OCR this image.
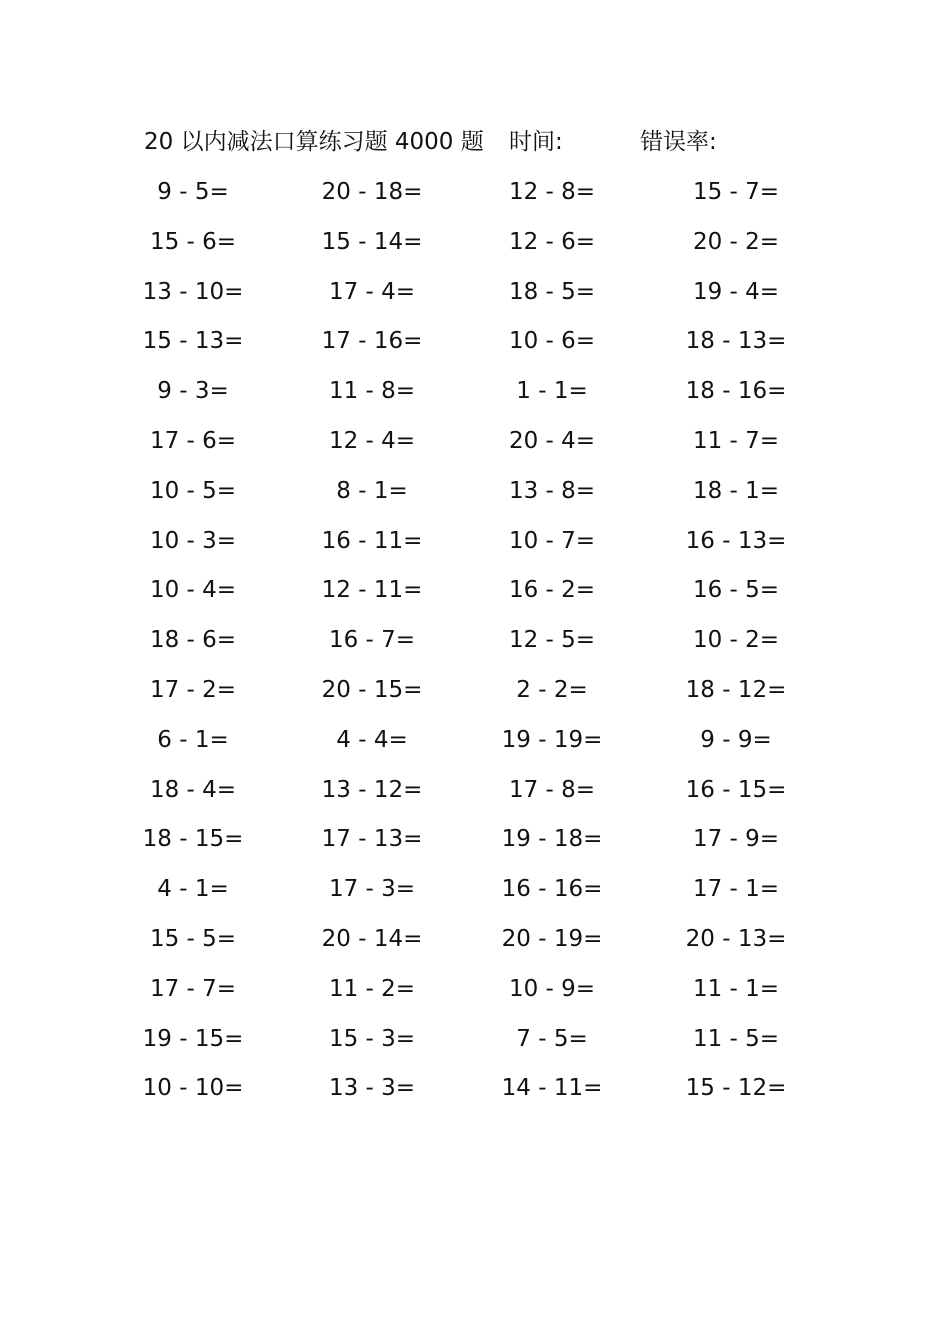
20 以内减法口算练习题 4000 题 时间:	错误率:
9 - 5=	20 - 18=	12 - 8=	15 - 7=
15 - 6=	15 - 14=	12 - 6=	20 - 2=
13 - 10=	17 - 4=	18 - 5=	19 - 4=
15 - 13=	17 - 16=	10 - 6=	18 - 13=
9 - 3=	11 - 8=	1 - 1=	18 - 16=
17 - 6=	12 - 4=	20 - 4=	11 - 7=
10 - 5=	8 - 1=	13 - 8=	18 - 1=
10 - 3=	16 - 11=	10 - 7=	16 - 13=
10 - 4=	12 - 11=	16 - 2=	16 - 5=
18 - 6=	16 - 7=	12 - 5=	10 - 2=
17 - 2=	20 - 15=	2 - 2=	18 - 12=
6 - 1=	4 - 4=	19 - 19=	9 - 9=
18 - 4=	13 - 12=	17 - 8=	16 - 15=
18 - 15=	17 - 13=	19 - 18=	17 - 9=
4 - 1=	17 - 3=	16 - 16=	17 - 1=
15 - 5=	20 - 14=	20 - 19=	20 - 13=
17 - 7=	11 - 2=	10 - 9=	11 - 1=
19 - 15=	15 - 3=	7 - 5=	11 - 5=
10 - 10=	13 - 3=	14 - 11=	15 - 12=
